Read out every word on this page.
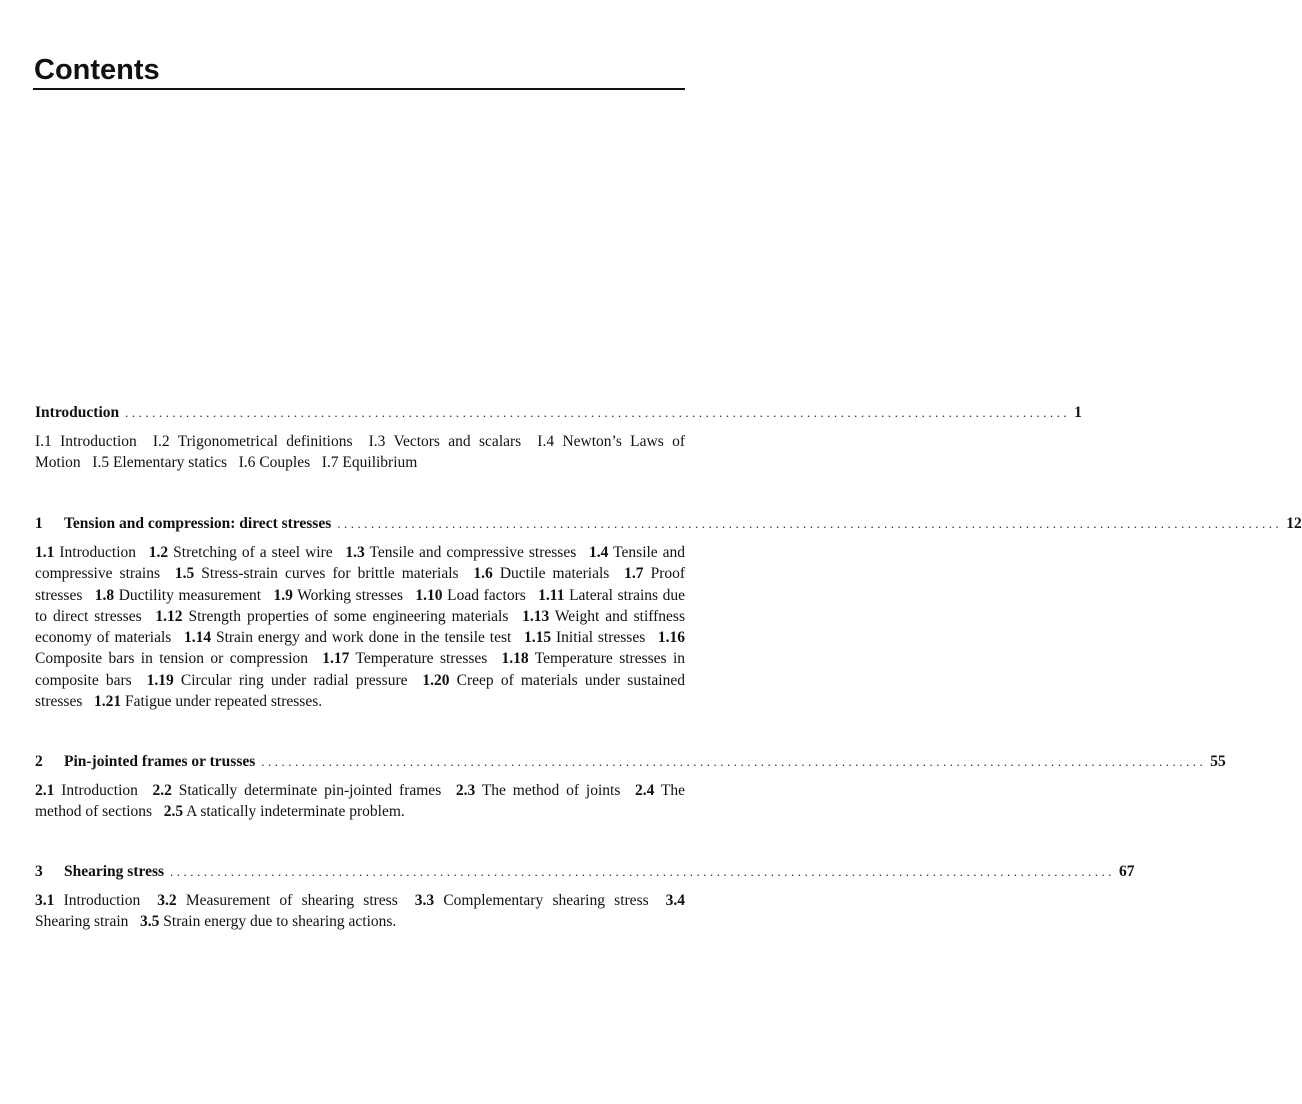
Contents
Introduction ............................................................................................................................................ 1
I.1 Introduction  I.2 Trigonometrical definitions  I.3 Vectors and scalars  I.4 Newton’s Laws of Motion  I.5 Elementary statics  I.6 Couples  I.7 Equilibrium 
1	Tension and compression: direct stresses ............................................................................................................................................ 12
1.1 Introduction  1.2 Stretching of a steel wire  1.3 Tensile and compressive stresses  1.4 Tensile and compressive strains  1.5 Stress-strain curves for brittle materials  1.6 Ductile materials  1.7 Proof stresses  1.8 Ductility measurement  1.9 Working stresses  1.10 Load factors  1.11 Lateral strains due to direct stresses  1.12 Strength properties of some engineering materials  1.13 Weight and stiffness economy of materials  1.14 Strain energy and work done in the tensile test  1.15 Initial stresses  1.16 Composite bars in tension or compression  1.17 Temperature stresses  1.18 Temperature stresses in composite bars  1.19 Circular ring under radial pressure  1.20 Creep of materials under sustained stresses  1.21 Fatigue under repeated stresses. 
2	Pin-jointed frames or trusses ............................................................................................................................................ 55
2.1 Introduction  2.2 Statically determinate pin-jointed frames  2.3 The method of joints  2.4 The method of sections  2.5 A statically indeterminate problem. 
3	Shearing stress ............................................................................................................................................ 67
3.1 Introduction  3.2 Measurement of shearing stress  3.3 Complementary shearing stress  3.4 Shearing strain  3.5 Strain energy due to shearing actions. 
